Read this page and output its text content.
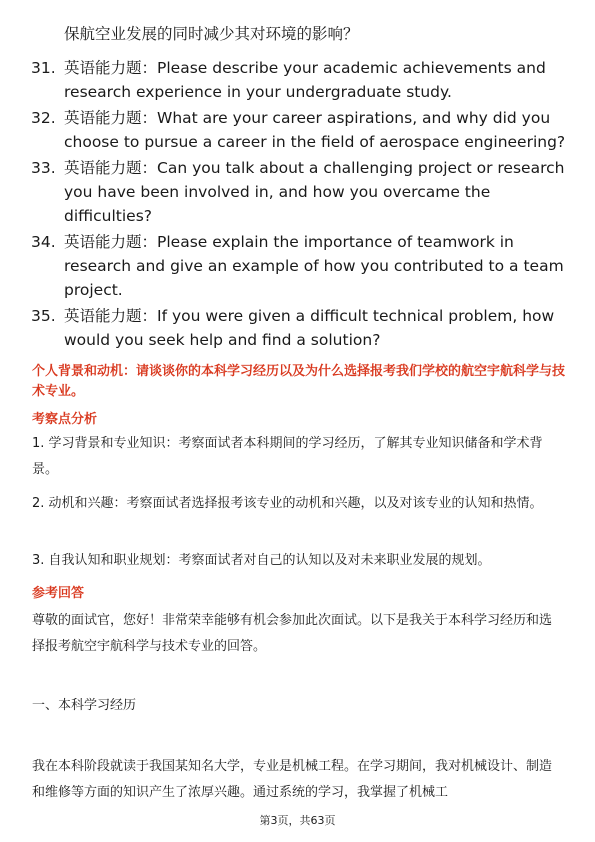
保航空业发展的同时减少其对环境的影响？
31. 英语能力题：Please describe your academic achievements and research experience in your undergraduate study.
32. 英语能力题：What are your career aspirations, and why did you choose to pursue a career in the field of aerospace engineering?
33. 英语能力题：Can you talk about a challenging project or research you have been involved in, and how you overcame the difficulties?
34. 英语能力题：Please explain the importance of teamwork in research and give an example of how you contributed to a team project.
35. 英语能力题：If you were given a difficult technical problem, how would you seek help and find a solution?
个人背景和动机：请谈谈你的本科学习经历以及为什么选择报考我们学校的航空宇航科学与技术专业。
考察点分析
1. 学习背景和专业知识：考察面试者本科期间的学习经历，了解其专业知识储备和学术背景。
2. 动机和兴趣：考察面试者选择报考该专业的动机和兴趣，以及对该专业的认知和热情。
3. 自我认知和职业规划：考察面试者对自己的认知以及对未来职业发展的规划。
参考回答
尊敬的面试官，您好！非常荣幸能够有机会参加此次面试。以下是我关于本科学习经历和选择报考航空宇航科学与技术专业的回答。
一、本科学习经历
我在本科阶段就读于我国某知名大学，专业是机械工程。在学习期间，我对机械设计、制造和维修等方面的知识产生了浓厚兴趣。通过系统的学习，我掌握了机械工
第3页，共63页
